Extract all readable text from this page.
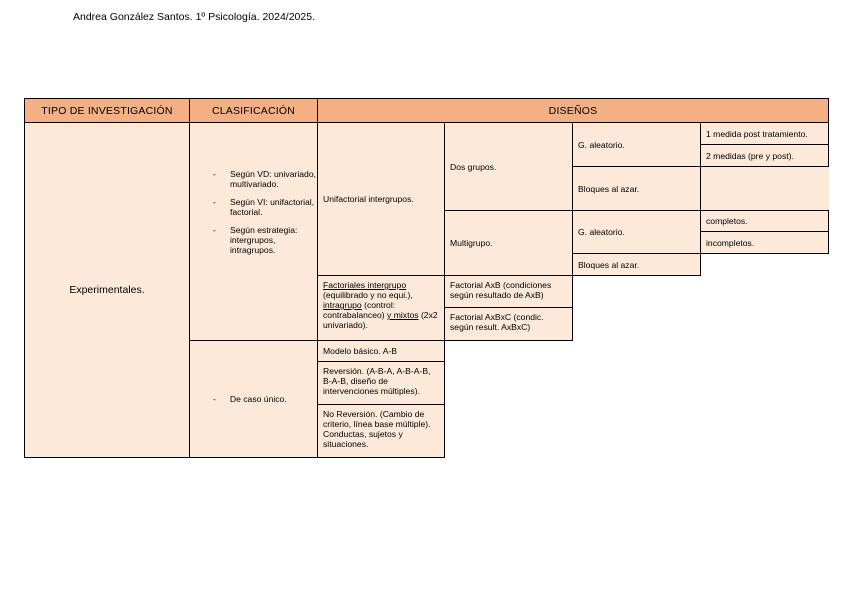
Andrea González Santos. 1º Psicología. 2024/2025.
TIPO DE INVESTIGACIÓN	CLASIFICACIÓN	DISEÑOS
Experimentales.
- Según VD: univariado, multivariado.
- Según VI: unifactorial, factorial.
- Según estrategia: intergrupos, intragrupos.
- De caso único.
Unifactorial intergrupos.
Factoriales intergrupo (equilibrado y no equi.), intragrupo (control: contrabalanceo) y mixtos (2x2 univariado).
Modelo básico. A-B
Reversión. (A-B-A, A-B-A-B, B-A-B, diseño de intervenciones múltiples).
No Reversión. (Cambio de criterio, línea base múltiple). Conductas, sujetos y situaciones.
Dos grupos.
Multigrupo.
Factorial AxB (condiciones según resultado de AxB)
Factorial AxBxC (condic. según result. AxBxC)
G. aleatorio.
Bloques al azar.
G. aleatorio.
Bloques al azar.
1 medida post tratamiento.
2 medidas (pre y post).
completos.
incompletos.
